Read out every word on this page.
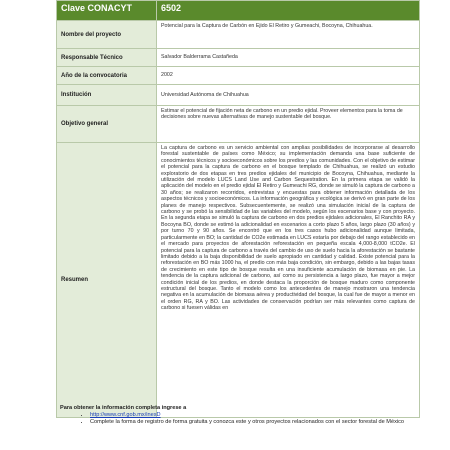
Clave CONACYT	6502
Nombre del proyecto	Potencial para la Captura de Carbón en Ejido El Retiro y Gumeachi, Bocoyna, Chihuahua.
Responsable Técnico	Salvador Balderrama Castañeda
Año de la convocatoria	2002
Institución	Universidad Autónoma de Chihuahua
Objetivo general	Estimar el potencial de fijación neta de carbono en un predio ejidal. Proveer elementos para la toma de decisiones sobre nuevas alternativas de manejo sustentable del bosque.
Resumen	La captura de carbono es un servicio ambiental con amplias posibilidades de incorporarse al desarrollo forestal sustentable de países como México; su implementación demanda una base suficiente de conocimientos técnicos y socioeconómicos sobre los predios y las comunidades. Con el objetivo de estimar el potencial para la captura de carbono en el bosque templado de Chihuahua, se realizó un estudio exploratorio de dos etapas en tres predios ejidales del municipio de Bocoyna, Chihuahua, mediante la utilización del modelo LUCS Land Use and Carbon Sequestration. En la primera etapa se validó la aplicación del modelo en el predio ejidal El Retiro y Gumeachi RG, donde se simuló la captura de carbono a 30 años; se realizaron recorridos, entrevistas y encuestas para obtener información detallada de los aspectos técnicos y socioeconómicos. La información geográfica y ecológica se derivó en gran parte de los planes de manejo respectivos. Subsecuentemente, se realizó una simulación inicial de la captura de carbono y se probó la sensibilidad de las variables del modelo, según los escenarios base y con proyecto. En la segunda etapa se simuló la captura de carbono en dos predios ejidales adicionales, El Ranchito RA y Bocoyna BO, donde se estimó la adicionalidad en escenarios a corto plazo 5 años, largo plazo (30 años) y por turno 70 y 90 años. Se encontró que en los tres casos hubo adicionalidad aunque limitada, particularmente en BO; la cantidad de CO2e estimada en LUCS estaría por debajo del rango establecido en el mercado para proyectos de aforestación reforestación en pequeña escala 4,000-8,000 tCO2e. El potencial para la captura de carbono a través del cambio de uso de suelo hacia la aforestación se bastante limitado debido a la baja disponibilidad de suelo apropiado en cantidad y calidad. Existe potencial para la reforestación en BO más 1000 ha, el predio con más baja condición, sin embargo, debido a las bajas tasas de crecimiento en este tipo de bosque resulta en una insuficiente acumulación de biomasa en pie. La tendencia de la captura adicional de carbono, así como su persistencia a largo plazo, fue mayor a mejor condición inicial de los predios, en donde destaca la proporción de bosque maduro como componente estructural del bosque. Tanto el modelo como los antecedentes de manejo mostraron una tendencia negativa en la acumulación de biomasa aérea y productividad del bosque, la cual fue de mayor a menor en el orden RG, RA y BO. Las actividades de conservación podrían ser más relevantes como captura de carbono si fuesen válidas en
Para obtener la información completa ingrese a
• http://www.cnf.gob.mx/inesD
• Complete la forma de registro de forma gratuita y conozca este y otros proyectos relacionados con el sector forestal de México
